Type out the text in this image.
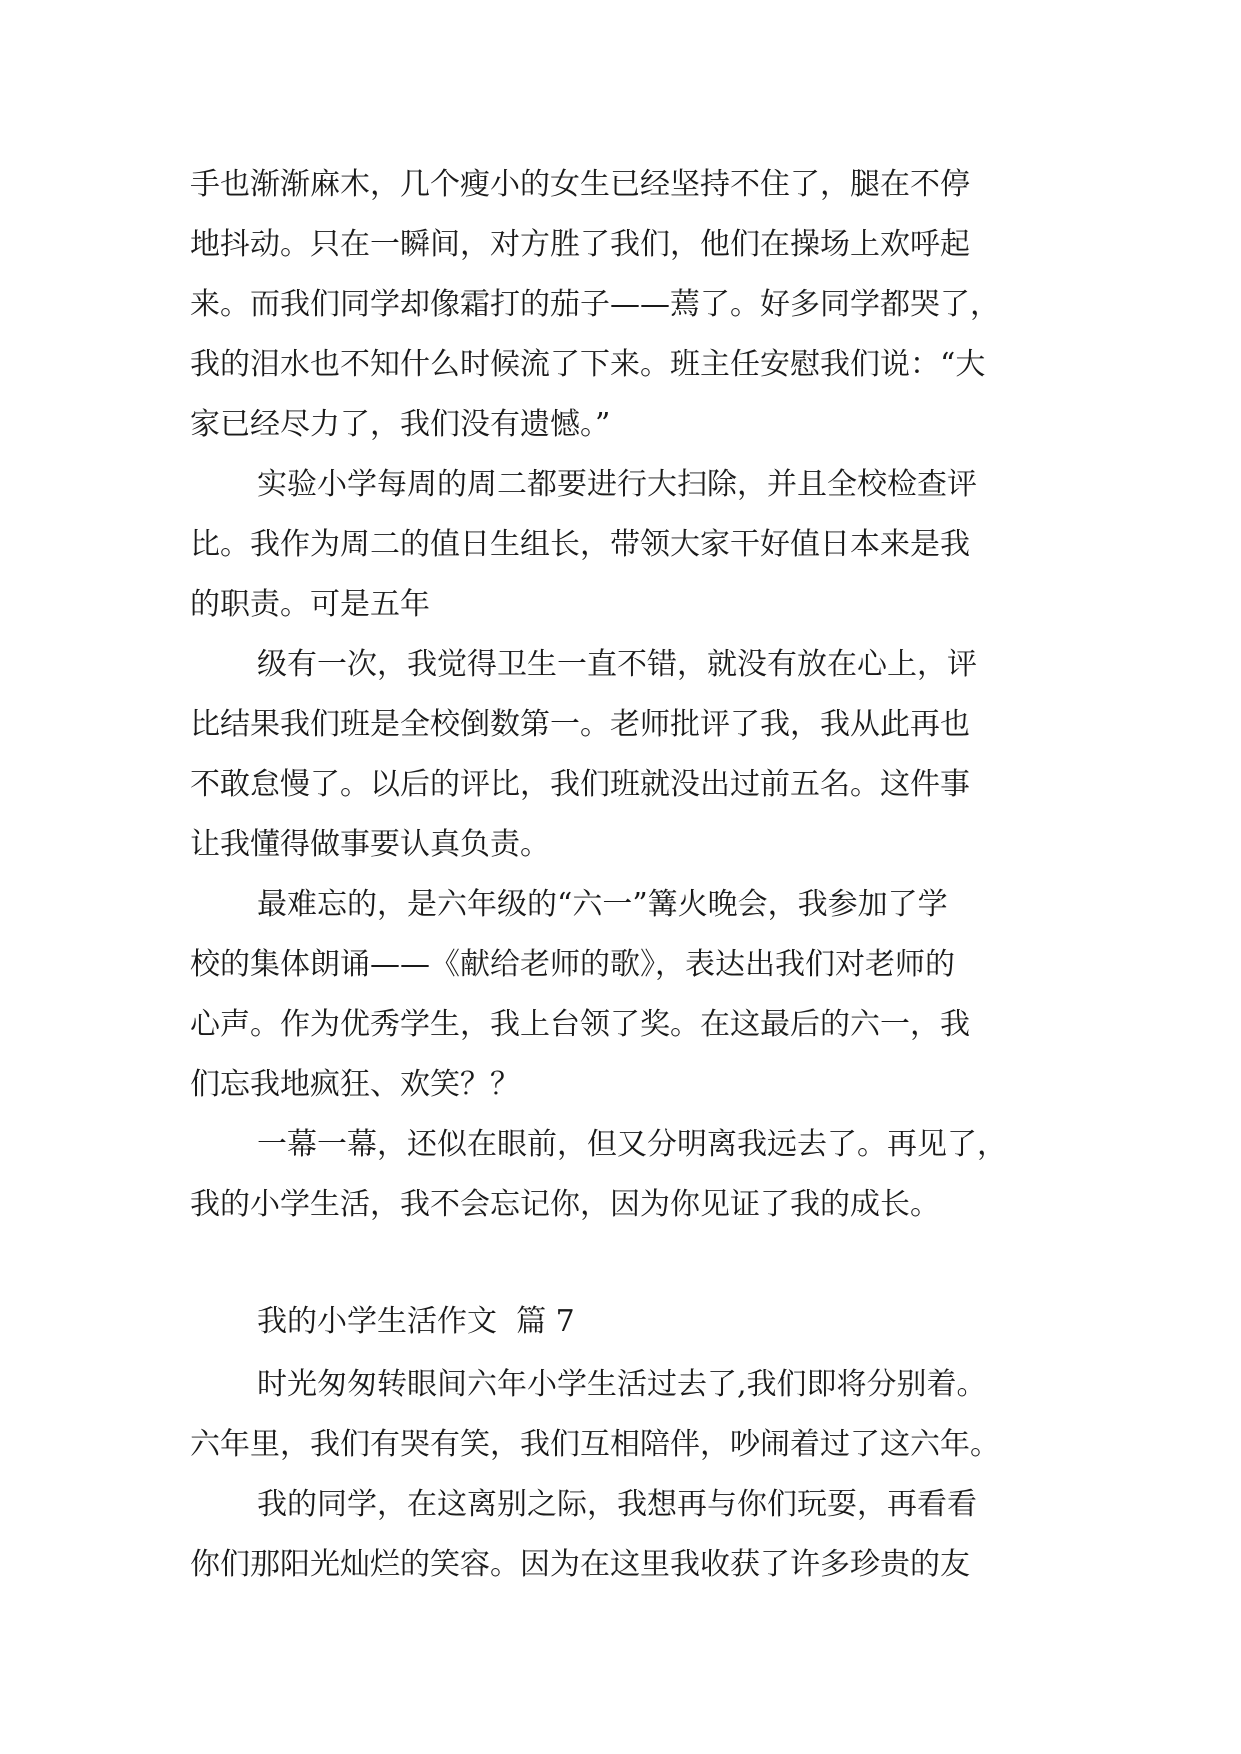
手也渐渐麻木，几个瘦小的女生已经坚持不住了，腿在不停
地抖动。只在一瞬间，对方胜了我们，他们在操场上欢呼起
来。而我们同学却像霜打的茄子——蔫了。好多同学都哭了，
我的泪水也不知什么时候流了下来。班主任安慰我们说：“大
家已经尽力了，我们没有遗憾。”
实验小学每周的周二都要进行大扫除，并且全校检查评
比。我作为周二的值日生组长，带领大家干好值日本来是我
的职责。可是五年
级有一次，我觉得卫生一直不错，就没有放在心上，评
比结果我们班是全校倒数第一。老师批评了我，我从此再也
不敢怠慢了。以后的评比，我们班就没出过前五名。这件事
让我懂得做事要认真负责。
最难忘的，是六年级的“六一”篝火晚会，我参加了学
校的集体朗诵——《献给老师的歌》，表达出我们对老师的
心声。作为优秀学生，我上台领了奖。在这最后的六一，我
们忘我地疯狂、欢笑？？
一幕一幕，还似在眼前，但又分明离我远去了。再见了，
我的小学生活，我不会忘记你，因为你见证了我的成长。
我的小学生活作文  篇 7
时光匆匆转眼间六年小学生活过去了,我们即将分别着。
六年里，我们有哭有笑，我们互相陪伴，吵闹着过了这六年。
我的同学，在这离别之际，我想再与你们玩耍，再看看
你们那阳光灿烂的笑容。因为在这里我收获了许多珍贵的友
